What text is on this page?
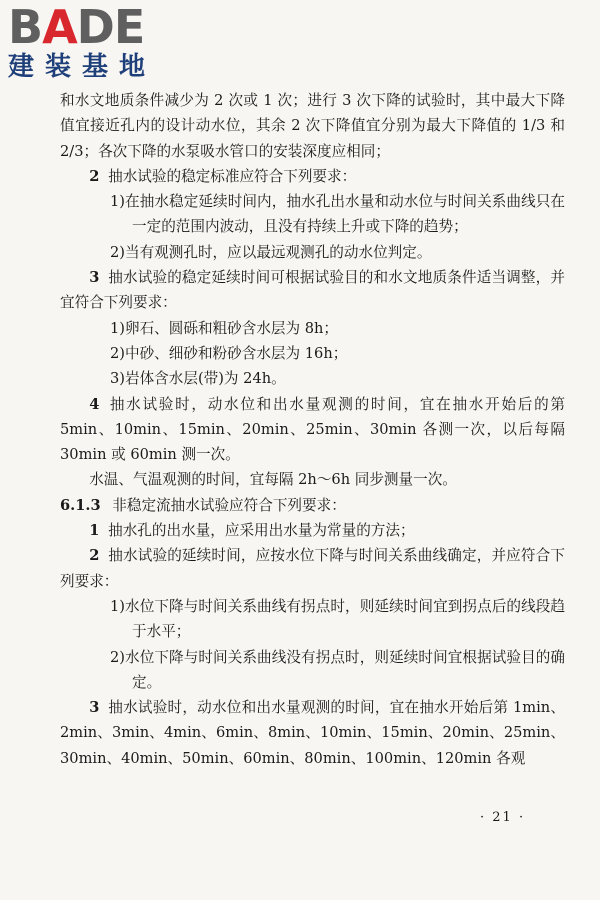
BADE
建装基地

和水文地质条件减少为 2 次或 1 次；进行 3 次下降的试验时，其中最大下降值宜接近孔内的设计动水位，其余 2 次下降值宜分别为最大下降值的 1/3 和 2/3；各次下降的水泵吸水管口的安装深度应相同；

2 抽水试验的稳定标准应符合下列要求：

1)在抽水稳定延续时间内，抽水孔出水量和动水位与时间关系曲线只在一定的范围内波动，且没有持续上升或下降的趋势；

2)当有观测孔时，应以最远观测孔的动水位判定。

3 抽水试验的稳定延续时间可根据试验目的和水文地质条件适当调整，并宜符合下列要求：

1)卵石、圆砾和粗砂含水层为 8h；

2)中砂、细砂和粉砂含水层为 16h；

3)岩体含水层(带)为 24h。

4 抽水试验时，动水位和出水量观测的时间，宜在抽水开始后的第 5min、10min、15min、20min、25min、30min 各测一次，以后每隔 30min 或 60min 测一次。

水温、气温观测的时间，宜每隔 2h～6h 同步测量一次。

6.1.3 非稳定流抽水试验应符合下列要求：

1 抽水孔的出水量，应采用出水量为常量的方法；

2 抽水试验的延续时间，应按水位下降与时间关系曲线确定，并应符合下列要求：

1)水位下降与时间关系曲线有拐点时，则延续时间宜到拐点后的线段趋于水平；

2)水位下降与时间关系曲线没有拐点时，则延续时间宜根据试验目的确定。

3 抽水试验时，动水位和出水量观测的时间，宜在抽水开始后第 1min、2min、3min、4min、6min、8min、10min、15min、20min、25min、30min、40min、50min、60min、80min、100min、120min 各观

· 21 ·
